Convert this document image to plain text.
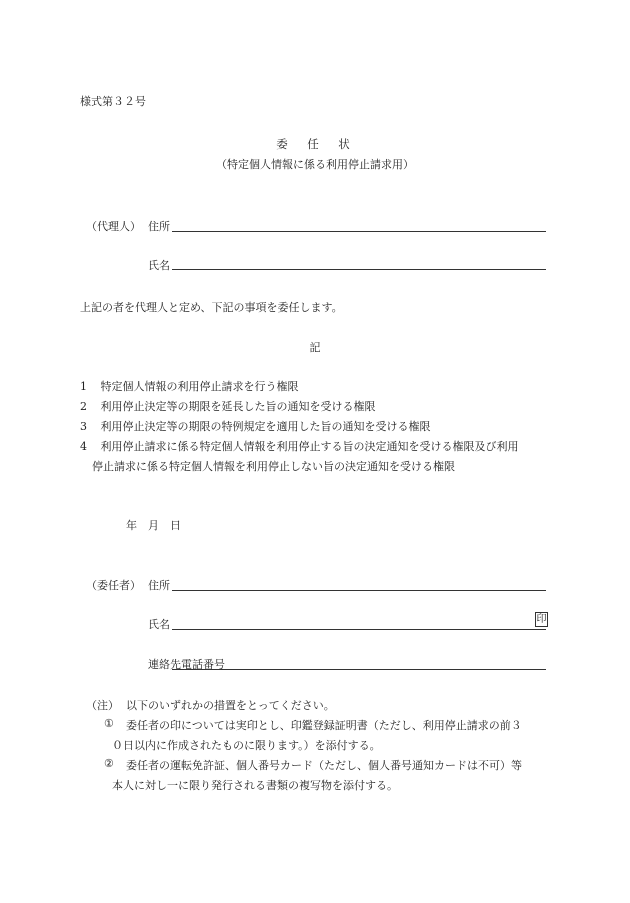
様式第３２号
委　任　状
（特定個人情報に係る利用停止請求用）
（代理人） 住所
氏名
上記の者を代理人と定め、下記の事項を委任します。
記
1 特定個人情報の利用停止請求を行う権限
2 利用停止決定等の期限を延長した旨の通知を受ける権限
3 利用停止決定等の期限の特例規定を適用した旨の通知を受ける権限
4 利用停止請求に係る特定個人情報を利用停止する旨の決定通知を受ける権限及び利用
停止請求に係る特定個人情報を利用停止しない旨の決定通知を受ける権限
年　月　日
（委任者） 住所
氏名	印
連絡先電話番号
（注） 以下のいずれかの措置をとってください。
① 委任者の印については実印とし、印鑑登録証明書（ただし、利用停止請求の前３
０日以内に作成されたものに限ります。）を添付する。
② 委任者の運転免許証、個人番号カード（ただし、個人番号通知カードは不可）等
本人に対し一に限り発行される書類の複写物を添付する。
